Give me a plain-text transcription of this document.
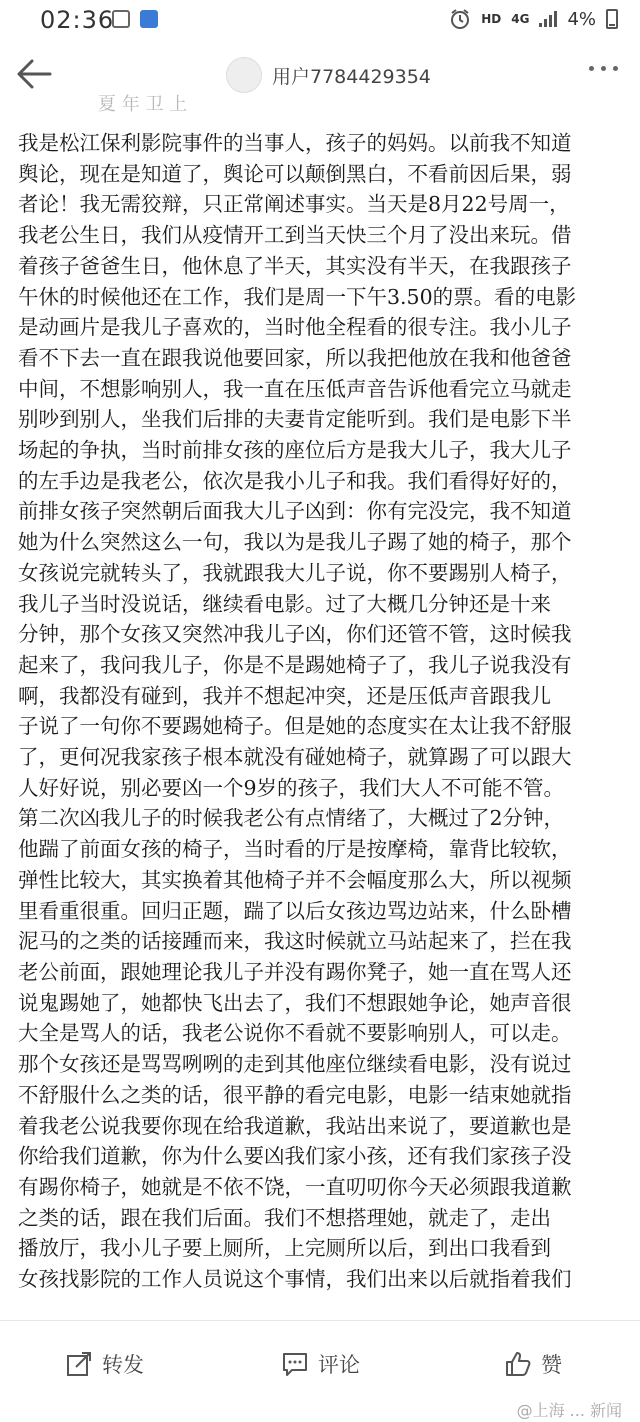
02:36	HD 4G 4%
用户7784429354
夏 年 卫 上

我是松江保利影院事件的当事人，孩子的妈妈。以前我不知道

舆论，现在是知道了，舆论可以颠倒黑白，不看前因后果，弱

者论！我无需狡辩，只正常阐述事实。当天是8月22号周一，

我老公生日，我们从疫情开工到当天快三个月了没出来玩。借

着孩子爸爸生日，他休息了半天，其实没有半天，在我跟孩子

午休的时候他还在工作，我们是周一下午3.50的票。看的电影

是动画片是我儿子喜欢的，当时他全程看的很专注。我小儿子

看不下去一直在跟我说他要回家，所以我把他放在我和他爸爸

中间，不想影响别人，我一直在压低声音告诉他看完立马就走

别吵到别人，坐我们后排的夫妻肯定能听到。我们是电影下半

场起的争执，当时前排女孩的座位后方是我大儿子，我大儿子

的左手边是我老公，依次是我小儿子和我。我们看得好好的，

前排女孩子突然朝后面我大儿子凶到：你有完没完，我不知道

她为什么突然这么一句，我以为是我儿子踢了她的椅子，那个

女孩说完就转头了，我就跟我大儿子说，你不要踢别人椅子，

我儿子当时没说话，继续看电影。过了大概几分钟还是十来

分钟，那个女孩又突然冲我儿子凶，你们还管不管，这时候我

起来了，我问我儿子，你是不是踢她椅子了，我儿子说我没有

啊，我都没有碰到，我并不想起冲突，还是压低声音跟我儿

子说了一句你不要踢她椅子。但是她的态度实在太让我不舒服

了，更何况我家孩子根本就没有碰她椅子，就算踢了可以跟大

人好好说，别必要凶一个9岁的孩子，我们大人不可能不管。

第二次凶我儿子的时候我老公有点情绪了，大概过了2分钟，

他踹了前面女孩的椅子，当时看的厅是按摩椅，靠背比较软，

弹性比较大，其实换着其他椅子并不会幅度那么大，所以视频

里看重很重。回归正题，踹了以后女孩边骂边站来，什么卧槽

泥马的之类的话接踵而来，我这时候就立马站起来了，拦在我

老公前面，跟她理论我儿子并没有踢你凳子，她一直在骂人还

说鬼踢她了，她都快飞出去了，我们不想跟她争论，她声音很

大全是骂人的话，我老公说你不看就不要影响别人，可以走。

那个女孩还是骂骂咧咧的走到其他座位继续看电影，没有说过

不舒服什么之类的话，很平静的看完电影，电影一结束她就指

着我老公说我要你现在给我道歉，我站出来说了，要道歉也是

你给我们道歉，你为什么要凶我们家小孩，还有我们家孩子没

有踢你椅子，她就是不依不饶，一直叨叨你今天必须跟我道歉

之类的话，跟在我们后面。我们不想搭理她，就走了，走出

播放厅，我小儿子要上厕所，上完厕所以后，到出口我看到

女孩找影院的工作人员说这个事情，我们出来以后就指着我们

转发	评论	赞
@上海 ... 新闻
